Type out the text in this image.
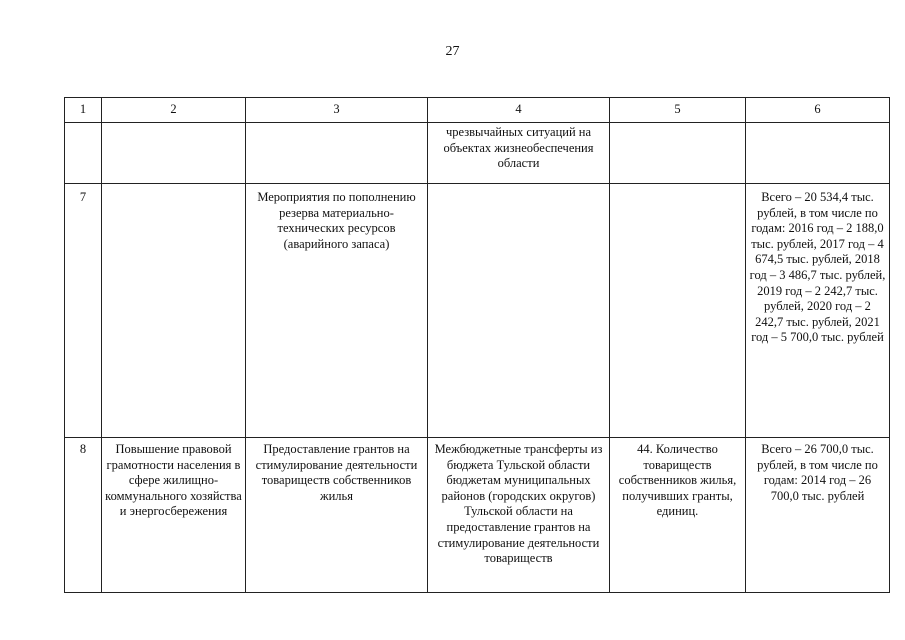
27
1	2	3	4	5	6
			чрезвычайных ситуаций на объектах жизнеобеспечения области		
7		Мероприятия по пополнению резерва материально-технических ресурсов (аварийного запаса)			Всего – 20 534,4 тыс. рублей, в том числе по годам: 2016 год – 2 188,0 тыс. рублей, 2017 год – 4 674,5 тыс. рублей, 2018 год – 3 486,7 тыс. рублей, 2019 год – 2 242,7 тыс. рублей, 2020 год – 2 242,7 тыс. рублей, 2021 год – 5 700,0 тыс. рублей
8	Повышение правовой грамотности населения в сфере жилищно-коммунального хозяйства и энергосбережения	Предоставление грантов на стимулирование деятельности товариществ собственников жилья	Межбюджетные трансферты из бюджета Тульской области бюджетам муниципальных районов (городских округов) Тульской области на предоставление грантов на стимулирование деятельности товариществ	44. Количество товариществ собственников жилья, получивших гранты, единиц.	Всего – 26 700,0 тыс. рублей, в том числе по годам: 2014 год – 26 700,0 тыс. рублей
